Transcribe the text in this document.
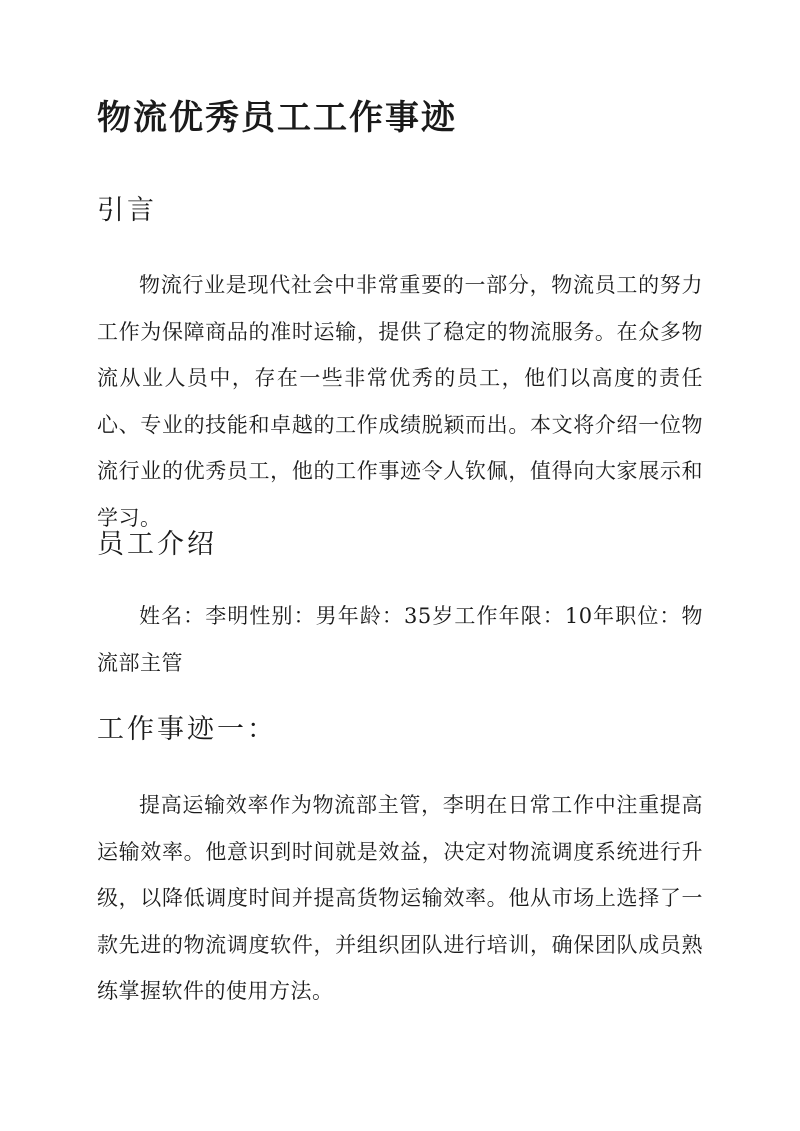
物流优秀员工工作事迹
引言

物流行业是现代社会中非常重要的一部分，物流员工的努力工作为保障商品的准时运输，提供了稳定的物流服务。在众多物流从业人员中，存在一些非常优秀的员工，他们以高度的责任心、专业的技能和卓越的工作成绩脱颖而出。本文将介绍一位物流行业的优秀员工，他的工作事迹令人钦佩，值得向大家展示和学习。

员工介绍

姓名：李明性别：男年龄：35岁工作年限：10年职位：物流部主管

工作事迹一：

提高运输效率作为物流部主管，李明在日常工作中注重提高运输效率。他意识到时间就是效益，决定对物流调度系统进行升级，以降低调度时间并提高货物运输效率。他从市场上选择了一款先进的物流调度软件，并组织团队进行培训，确保团队成员熟练掌握软件的使用方法。
